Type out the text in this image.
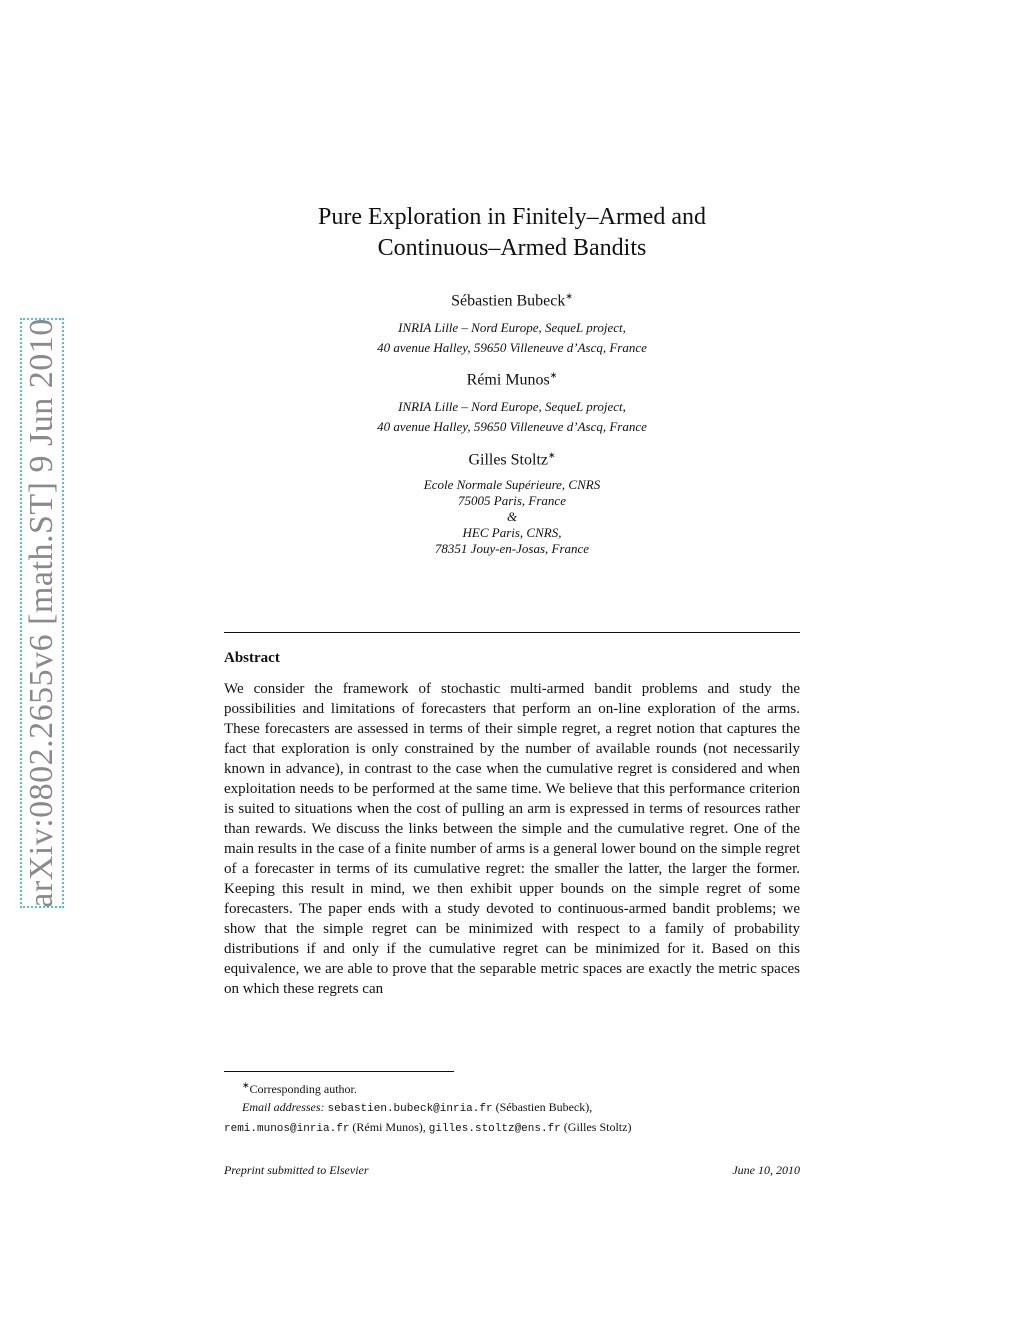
arXiv:0802.2655v6 [math.ST] 9 Jun 2010
Pure Exploration in Finitely–Armed and
Continuous–Armed Bandits
Sébastien Bubeck∗
INRIA Lille – Nord Europe, SequeL project,
40 avenue Halley, 59650 Villeneuve d’Ascq, France
Rémi Munos∗
INRIA Lille – Nord Europe, SequeL project,
40 avenue Halley, 59650 Villeneuve d’Ascq, France
Gilles Stoltz∗
Ecole Normale Supérieure, CNRS
75005 Paris, France
&
HEC Paris, CNRS,
78351 Jouy-en-Josas, France
Abstract

We consider the framework of stochastic multi-armed bandit problems and study the possibilities and limitations of forecasters that perform an on-line exploration of the arms. These forecasters are assessed in terms of their simple regret, a regret notion that captures the fact that exploration is only constrained by the number of available rounds (not necessarily known in advance), in contrast to the case when the cumulative regret is considered and when exploitation needs to be performed at the same time. We believe that this performance criterion is suited to situations when the cost of pulling an arm is expressed in terms of resources rather than rewards. We discuss the links between the simple and the cumulative regret. One of the main results in the case of a finite number of arms is a general lower bound on the simple regret of a forecaster in terms of its cumulative regret: the smaller the latter, the larger the former. Keeping this result in mind, we then exhibit upper bounds on the simple regret of some forecasters. The paper ends with a study devoted to continuous-armed bandit problems; we show that the simple regret can be minimized with respect to a family of probability distributions if and only if the cumulative regret can be minimized for it. Based on this equivalence, we are able to prove that the separable metric spaces are exactly the metric spaces on which these regrets can

∗Corresponding author.
Email addresses: sebastien.bubeck@inria.fr (Sébastien Bubeck),
remi.munos@inria.fr (Rémi Munos), gilles.stoltz@ens.fr (Gilles Stoltz)
Preprint submitted to Elsevier	June 10, 2010
